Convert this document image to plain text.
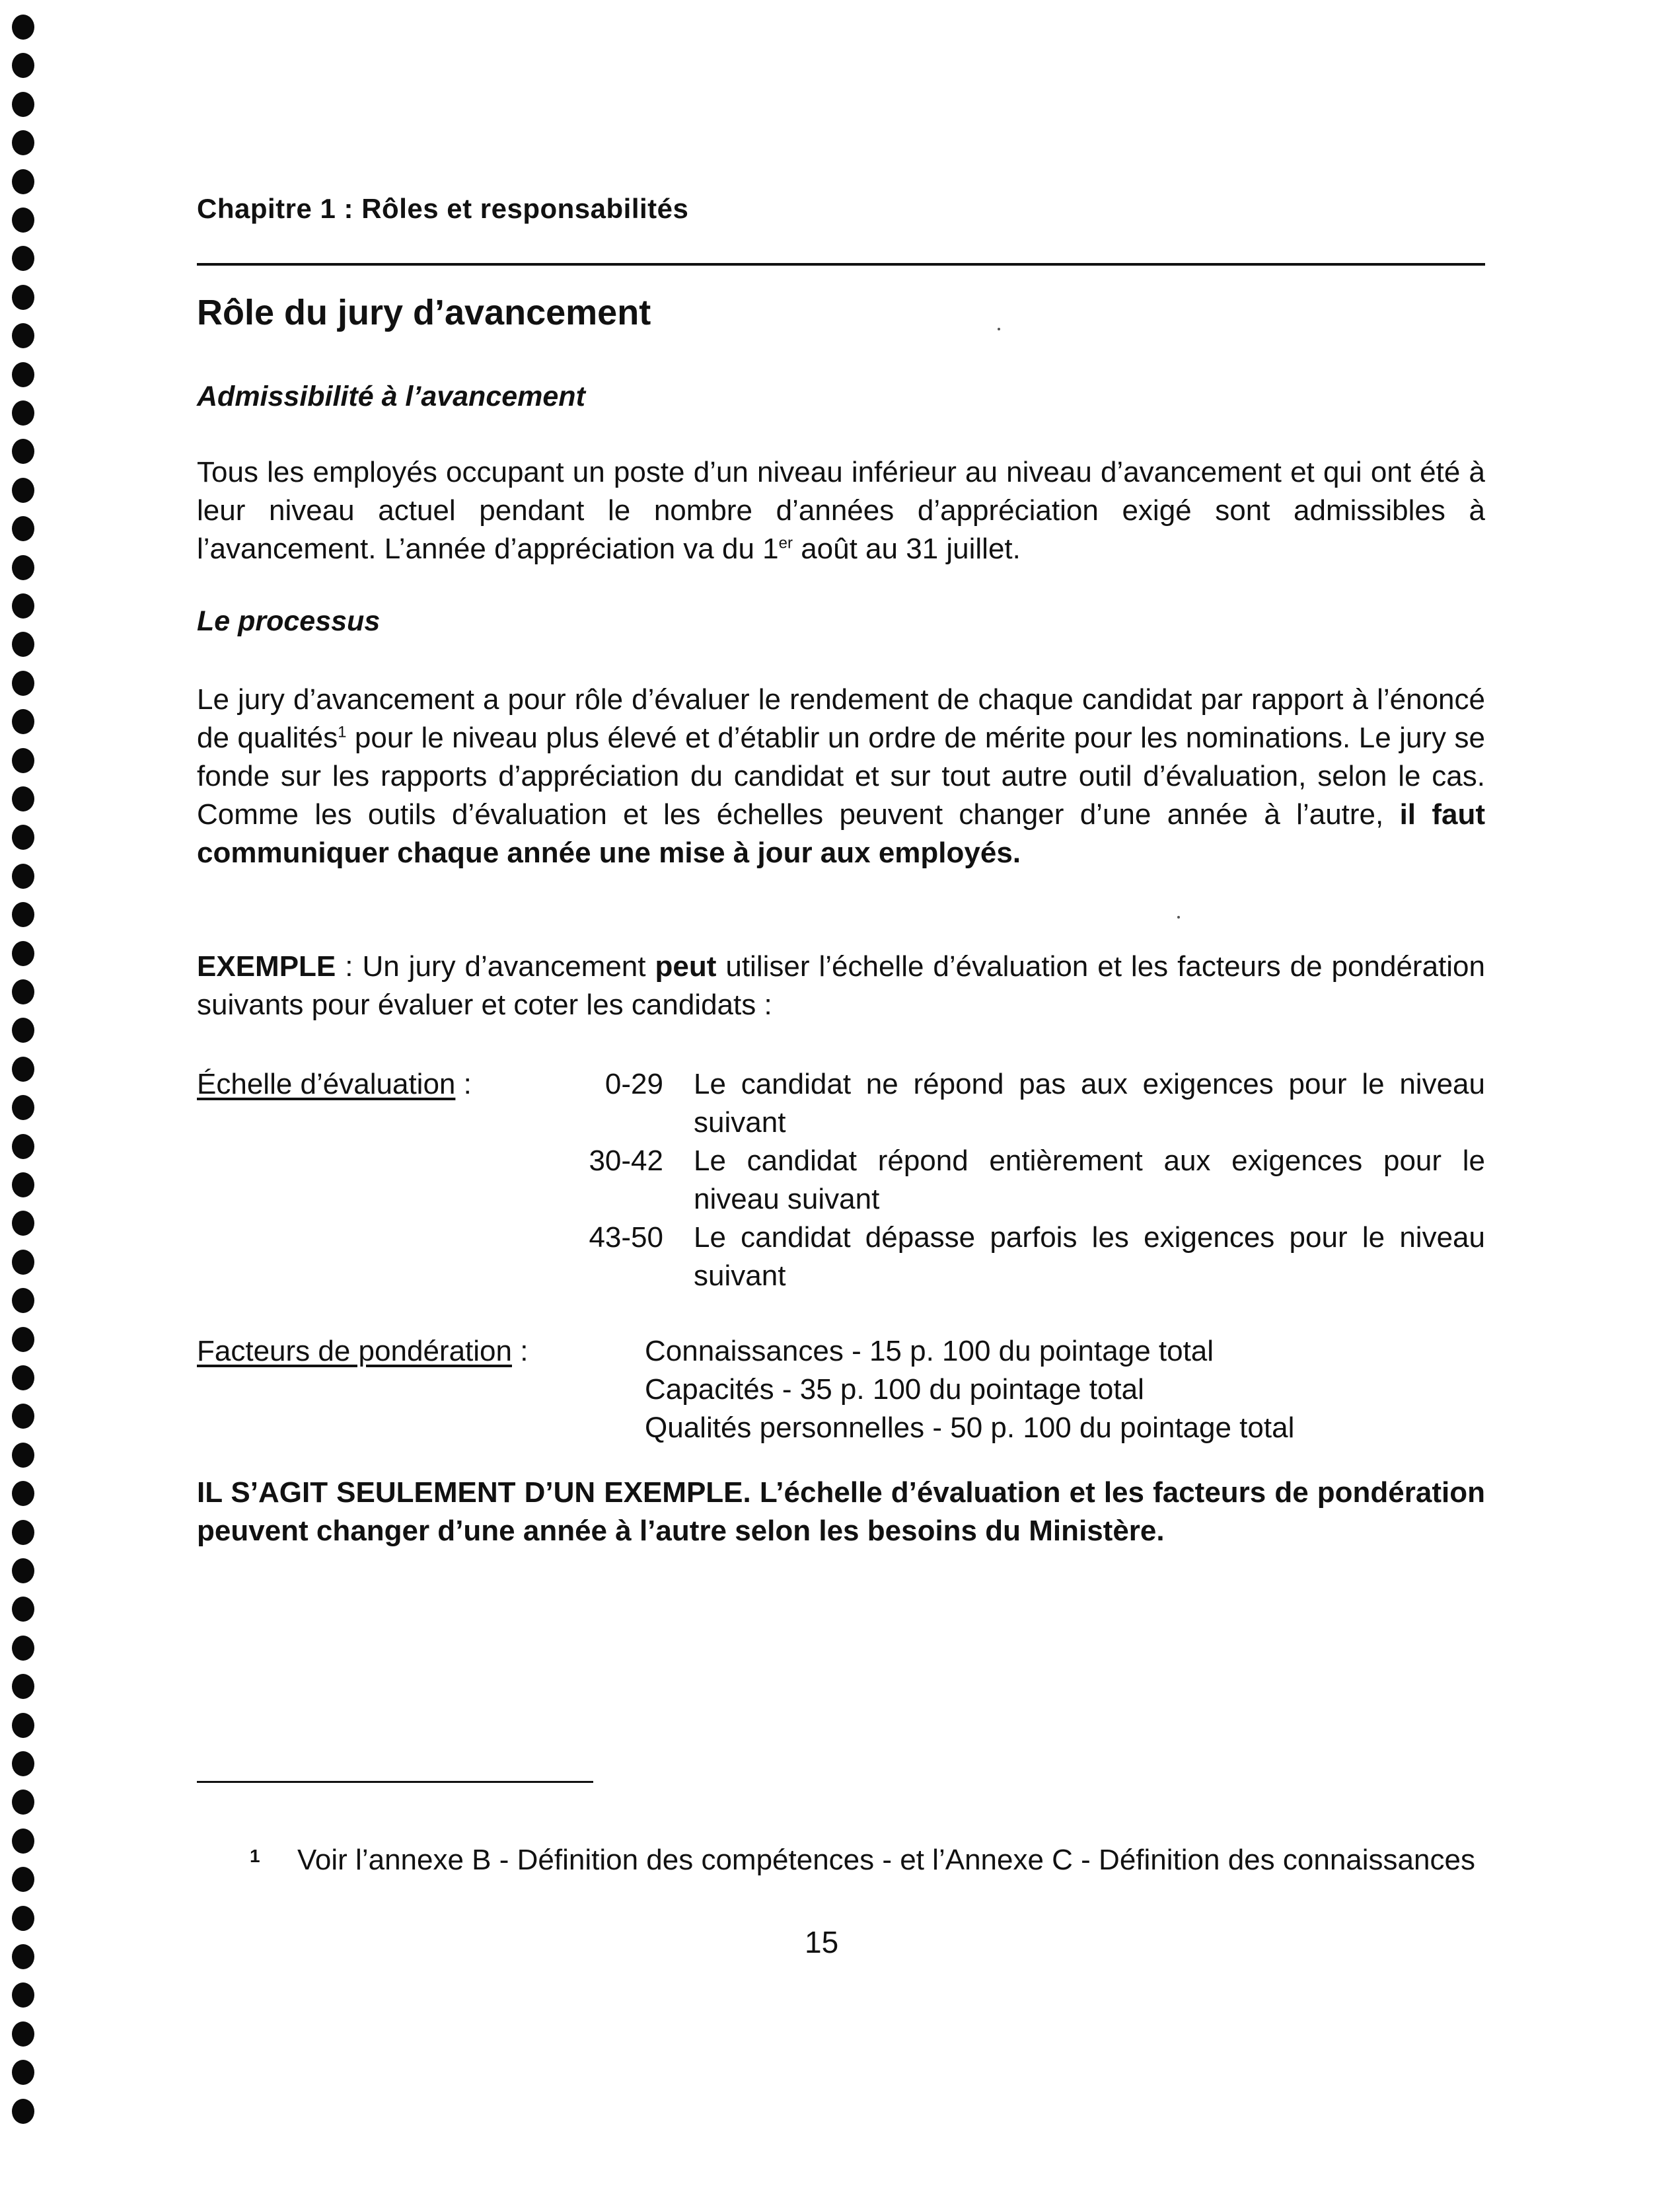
Chapitre 1 : Rôles et responsabilités
Rôle du jury d’avancement
Admissibilité à l’avancement

Tous les employés occupant un poste d’un niveau inférieur au niveau d’avancement et qui ont été à leur niveau actuel pendant le nombre d’années d’appréciation exigé sont admissibles à l’avancement. L’année d’appréciation va du 1er août au 31 juillet.

Le processus

Le jury d’avancement a pour rôle d’évaluer le rendement de chaque candidat par rapport à l’énoncé de qualités$^1$ pour le niveau plus élevé et d’établir un ordre de mérite pour les nominations. Le jury se fonde sur les rapports d’appréciation du candidat et sur tout autre outil d’évaluation, selon le cas. Comme les outils d’évaluation et les échelles peuvent changer d’une année à l’autre, il faut communiquer chaque année une mise à jour aux employés.

EXEMPLE : Un jury d’avancement peut utiliser l’échelle d’évaluation et les facteurs de pondération suivants pour évaluer et coter les candidats :

Échelle d’évaluation :	0-29 Le candidat ne répond pas aux exigences pour le niveau suivant
30-42 Le candidat répond entièrement aux exigences pour le niveau suivant
43-50 Le candidat dépasse parfois les exigences pour le niveau suivant
Facteurs de pondération :	Connaissances - 15 p. 100 du pointage total
Capacités - 35 p. 100 du pointage total
Qualités personnelles - 50 p. 100 du pointage total

IL S’AGIT SEULEMENT D’UN EXEMPLE. L’échelle d’évaluation et les facteurs de pondération peuvent changer d’une année à l’autre selon les besoins du Ministère.

1 Voir l’annexe B - Définition des compétences - et l’Annexe C - Définition des connaissances
15
